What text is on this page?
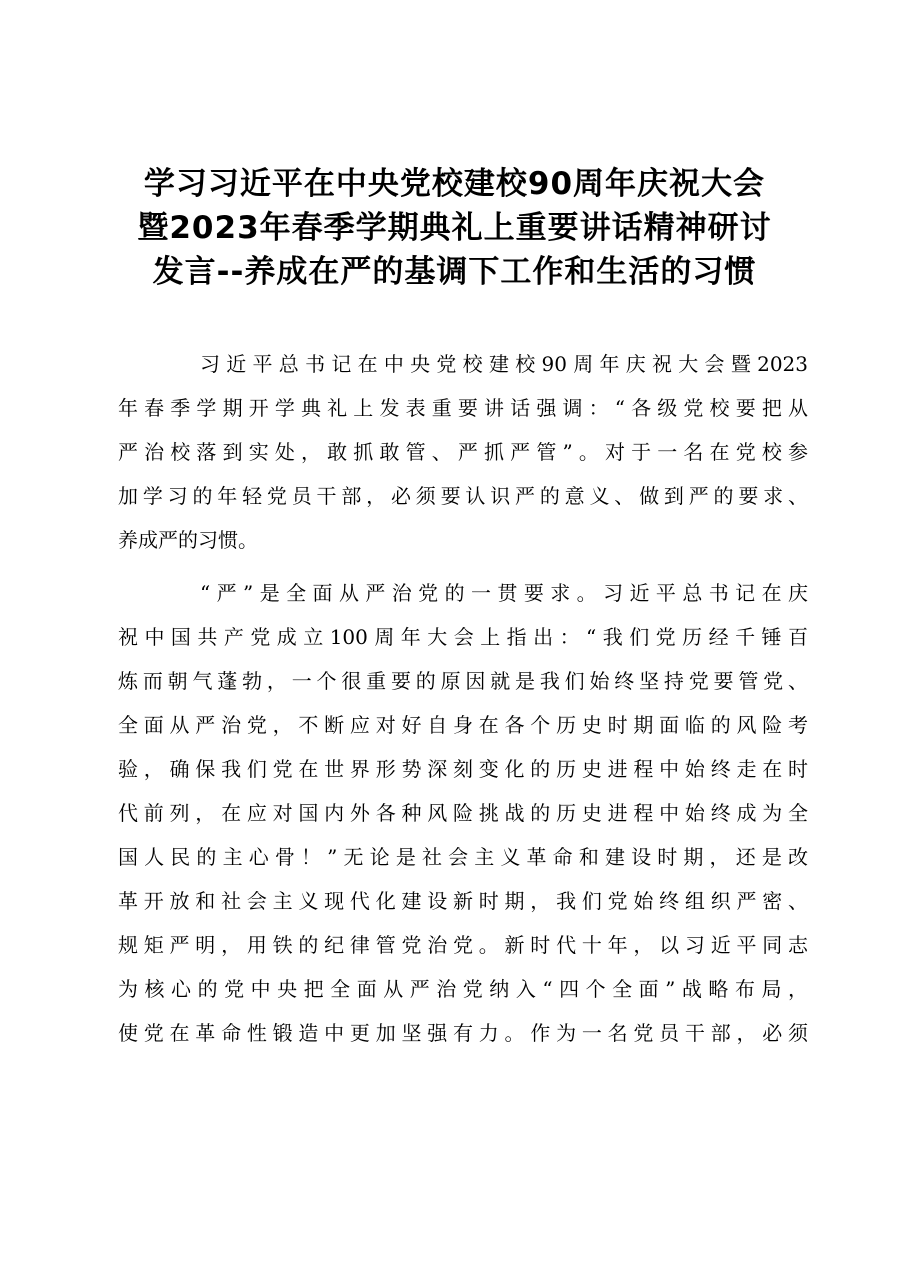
学习习近平在中央党校建校90周年庆祝大会
暨2023年春季学期典礼上重要讲话精神研讨
发言--养成在严的基调下工作和生活的习惯
习近平总书记在中央党校建校90周年庆祝大会暨2023
年春季学期开学典礼上发表重要讲话强调：“各级党校要把从
严治校落到实处，敢抓敢管、严抓严管”。对于一名在党校参
加学习的年轻党员干部，必须要认识严的意义、做到严的要求、
养成严的习惯。
“严”是全面从严治党的一贯要求。习近平总书记在庆
祝中国共产党成立100周年大会上指出：“我们党历经千锤百
炼而朝气蓬勃，一个很重要的原因就是我们始终坚持党要管党、
全面从严治党，不断应对好自身在各个历史时期面临的风险考
验，确保我们党在世界形势深刻变化的历史进程中始终走在时
代前列，在应对国内外各种风险挑战的历史进程中始终成为全
国人民的主心骨！”无论是社会主义革命和建设时期，还是改
革开放和社会主义现代化建设新时期，我们党始终组织严密、
规矩严明，用铁的纪律管党治党。新时代十年，以习近平同志
为核心的党中央把全面从严治党纳入“四个全面”战略布局，
使党在革命性锻造中更加坚强有力。作为一名党员干部，必须
